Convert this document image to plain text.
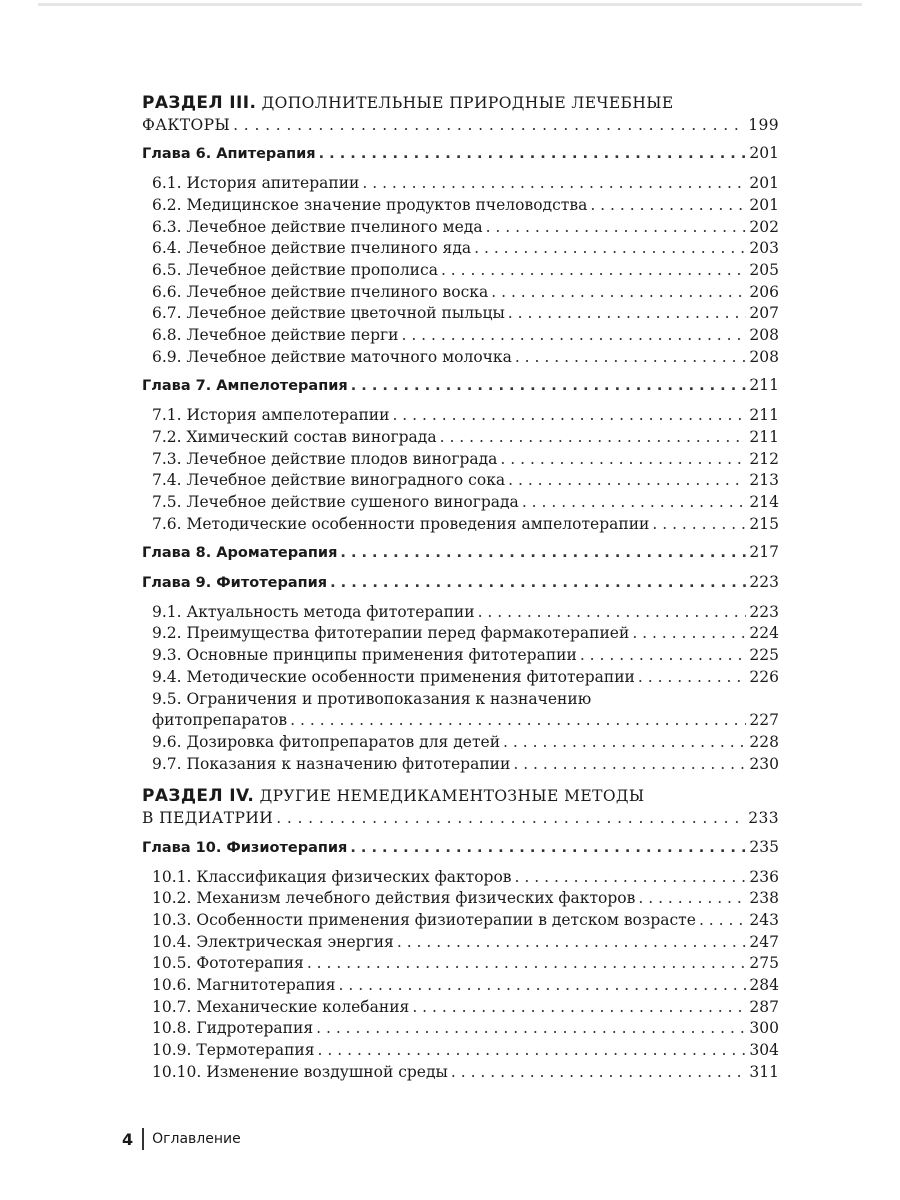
РАЗДЕЛ III. ДОПОЛНИТЕЛЬНЫЕ ПРИРОДНЫЕ ЛЕЧЕБНЫЕ
ФАКТОРЫ . . .	199
Глава 6. Апитерапия . . .	201
6.1. История апитерапии . . .	201
6.2. Медицинское значение продуктов пчеловодства . . .	201
6.3. Лечебное действие пчелиного меда . . .	202
6.4. Лечебное действие пчелиного яда . . .	203
6.5. Лечебное действие прополиса . . .	205
6.6. Лечебное действие пчелиного воска . . .	206
6.7. Лечебное действие цветочной пыльцы . . .	207
6.8. Лечебное действие перги . . .	208
6.9. Лечебное действие маточного молочка . . .	208
Глава 7. Ампелотерапия . . .	211
7.1. История ампелотерапии . . .	211
7.2. Химический состав винограда . . .	211
7.3. Лечебное действие плодов винограда . . .	212
7.4. Лечебное действие виноградного сока . . .	213
7.5. Лечебное действие сушеного винограда . . .	214
7.6. Методические особенности проведения ампелотерапии . . .	215
Глава 8. Ароматерапия . . .	217
Глава 9. Фитотерапия . . .	223
9.1. Актуальность метода фитотерапии . . .	223
9.2. Преимущества фитотерапии перед фармакотерапией . . .	224
9.3. Основные принципы применения фитотерапии . . .	225
9.4. Методические особенности применения фитотерапии . . .	226
9.5. Ограничения и противопоказания к назначению
фитопрепаратов . . .	227
9.6. Дозировка фитопрепаратов для детей . . .	228
9.7. Показания к назначению фитотерапии . . .	230
РАЗДЕЛ IV. ДРУГИЕ НЕМЕДИКАМЕНТОЗНЫЕ МЕТОДЫ
В ПЕДИАТРИИ . . .	233
Глава 10. Физиотерапия . . .	235
10.1. Классификация физических факторов . . .	236
10.2. Механизм лечебного действия физических факторов . . .	238
10.3. Особенности применения физиотерапии в детском возрасте . . .	243
10.4. Электрическая энергия . . .	247
10.5. Фототерапия . . .	275
10.6. Магнитотерапия . . .	284
10.7. Механические колебания . . .	287
10.8. Гидротерапия . . .	300
10.9. Термотерапия . . .	304
10.10. Изменение воздушной среды . . .	311
4 Оглавление
